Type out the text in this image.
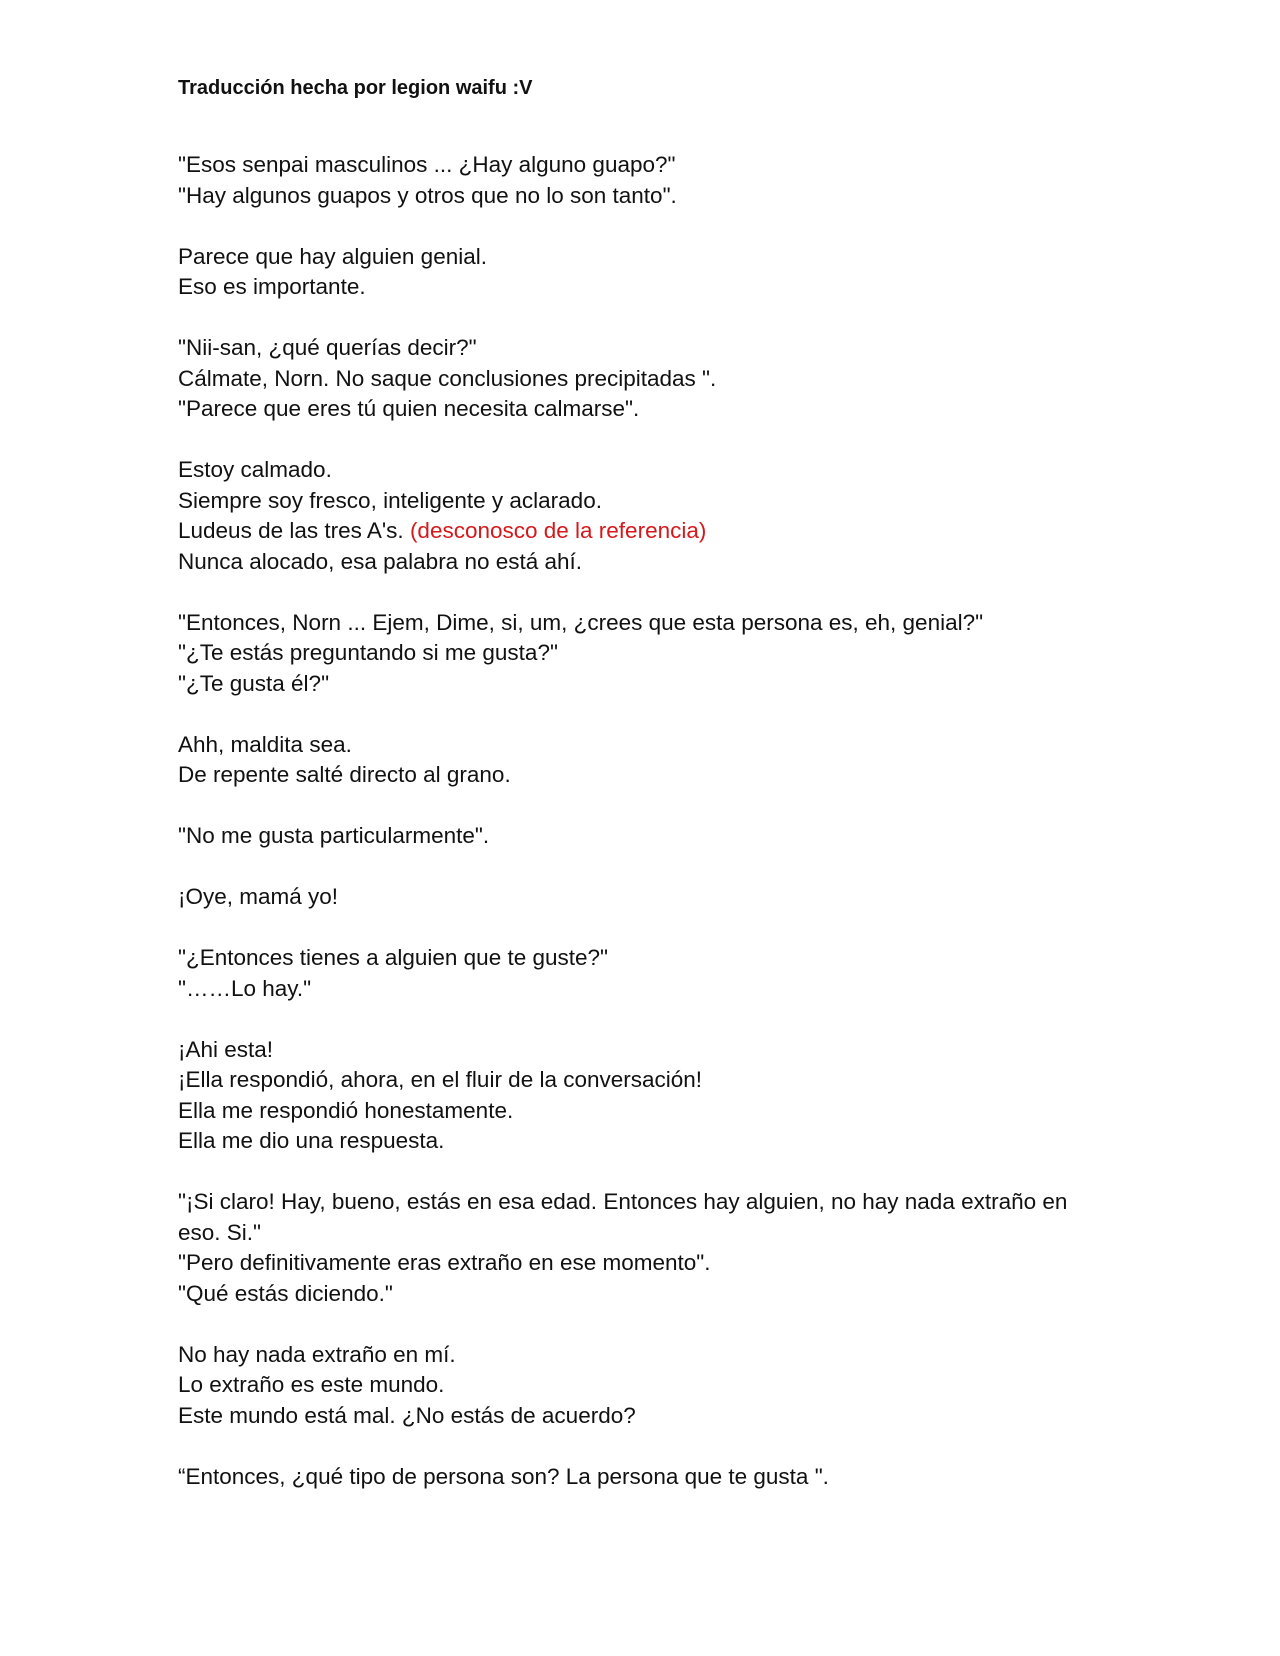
Traducción hecha por legion waifu :V
"Esos senpai masculinos ... ¿Hay alguno guapo?"
"Hay algunos guapos y otros que no lo son tanto".
Parece que hay alguien genial.
Eso es importante.
"Nii-san, ¿qué querías decir?"
Cálmate, Norn. No saque conclusiones precipitadas ".
"Parece que eres tú quien necesita calmarse".
Estoy calmado.
Siempre soy fresco, inteligente y aclarado.
Ludeus de las tres A's. (desconosco de la referencia)
Nunca alocado, esa palabra no está ahí.
"Entonces, Norn ... Ejem, Dime, si, um, ¿crees que esta persona es, eh, genial?"
"¿Te estás preguntando si me gusta?"
"¿Te gusta él?"
Ahh, maldita sea.
De repente salté directo al grano.
"No me gusta particularmente".
¡Oye, mamá yo!
"¿Entonces tienes a alguien que te guste?"
"……Lo hay."
¡Ahi esta!
¡Ella respondió, ahora, en el fluir de la conversación!
Ella me respondió honestamente.
Ella me dio una respuesta.
"¡Si claro! Hay, bueno, estás en esa edad. Entonces hay alguien, no hay nada extraño en
eso. Si."
"Pero definitivamente eras extraño en ese momento".
"Qué estás diciendo."
No hay nada extraño en mí.
Lo extraño es este mundo.
Este mundo está mal. ¿No estás de acuerdo?
“Entonces, ¿qué tipo de persona son? La persona que te gusta ".
